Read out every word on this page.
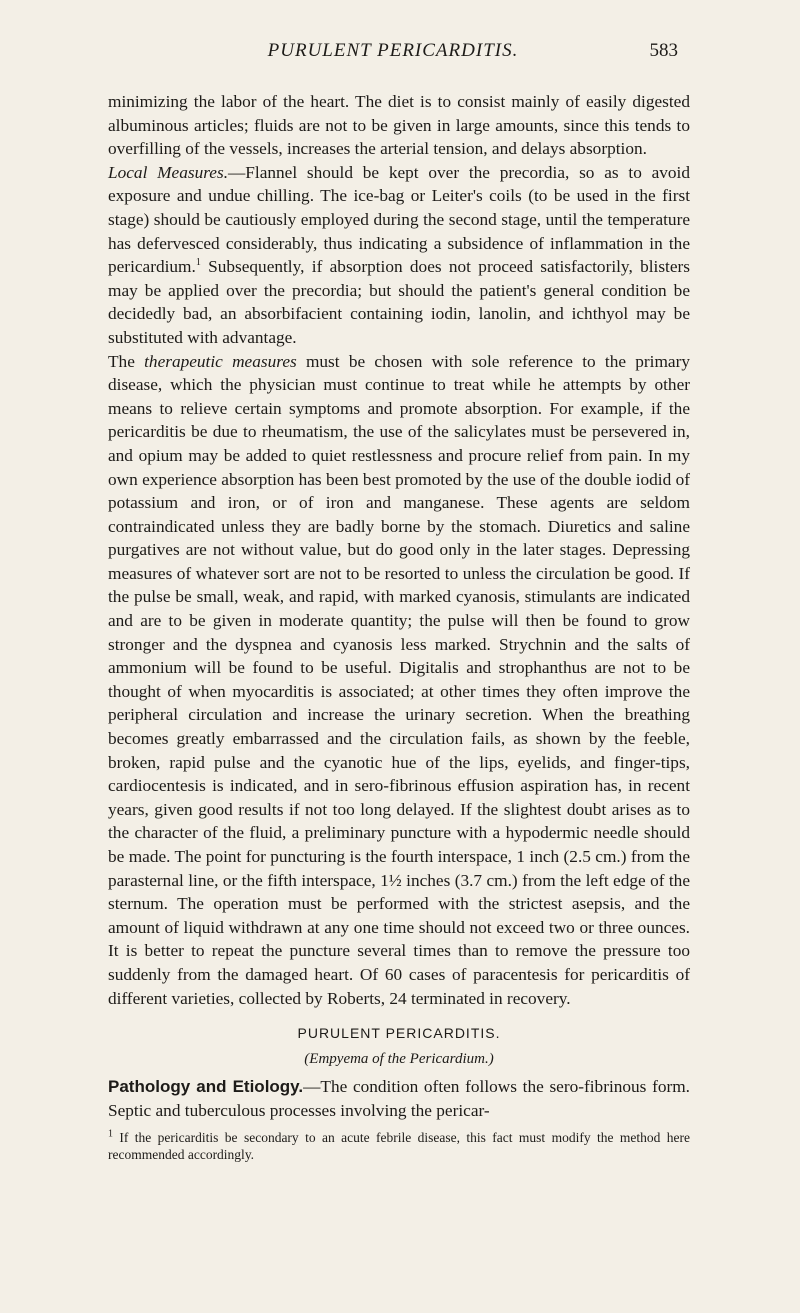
PURULENT PERICARDITIS.	583

minimizing the labor of the heart. The diet is to consist mainly of easily digested albuminous articles; fluids are not to be given in large amounts, since this tends to overfilling of the vessels, increases the arterial tension, and delays absorption.

Local Measures.—Flannel should be kept over the precordia, so as to avoid exposure and undue chilling. The ice-bag or Leiter's coils (to be used in the first stage) should be cautiously employed during the second stage, until the temperature has defervesced considerably, thus indicating a subsidence of inflammation in the pericardium.$^1$ Subsequently, if absorption does not proceed satisfactorily, blisters may be applied over the precordia; but should the patient's general condition be decidedly bad, an absorbifacient containing iodin, lanolin, and ichthyol may be substituted with advantage.

The therapeutic measures must be chosen with sole reference to the primary disease, which the physician must continue to treat while he attempts by other means to relieve certain symptoms and promote absorption. For example, if the pericarditis be due to rheumatism, the use of the salicylates must be persevered in, and opium may be added to quiet restlessness and procure relief from pain. In my own experience absorption has been best promoted by the use of the double iodid of potassium and iron, or of iron and manganese. These agents are seldom contraindicated unless they are badly borne by the stomach. Diuretics and saline purgatives are not without value, but do good only in the later stages. Depressing measures of whatever sort are not to be resorted to unless the circulation be good. If the pulse be small, weak, and rapid, with marked cyanosis, stimulants are indicated and are to be given in moderate quantity; the pulse will then be found to grow stronger and the dyspnea and cyanosis less marked. Strychnin and the salts of ammonium will be found to be useful. Digitalis and strophanthus are not to be thought of when myocarditis is associated; at other times they often improve the peripheral circulation and increase the urinary secretion. When the breathing becomes greatly embarrassed and the circulation fails, as shown by the feeble, broken, rapid pulse and the cyanotic hue of the lips, eyelids, and finger-tips, cardiocentesis is indicated, and in sero-fibrinous effusion aspiration has, in recent years, given good results if not too long delayed. If the slightest doubt arises as to the character of the fluid, a preliminary puncture with a hypodermic needle should be made. The point for puncturing is the fourth interspace, 1 inch (2.5 cm.) from the parasternal line, or the fifth interspace, 1½ inches (3.7 cm.) from the left edge of the sternum. The operation must be performed with the strictest asepsis, and the amount of liquid withdrawn at any one time should not exceed two or three ounces. It is better to repeat the puncture several times than to remove the pressure too suddenly from the damaged heart. Of 60 cases of paracentesis for pericarditis of different varieties, collected by Roberts, 24 terminated in recovery.

PURULENT PERICARDITIS.
(Empyema of the Pericardium.)

Pathology and Etiology.—The condition often follows the sero-fibrinous form. Septic and tuberculous processes involving the pericar-

$^1$ If the pericarditis be secondary to an acute febrile disease, this fact must modify the method here recommended accordingly.
